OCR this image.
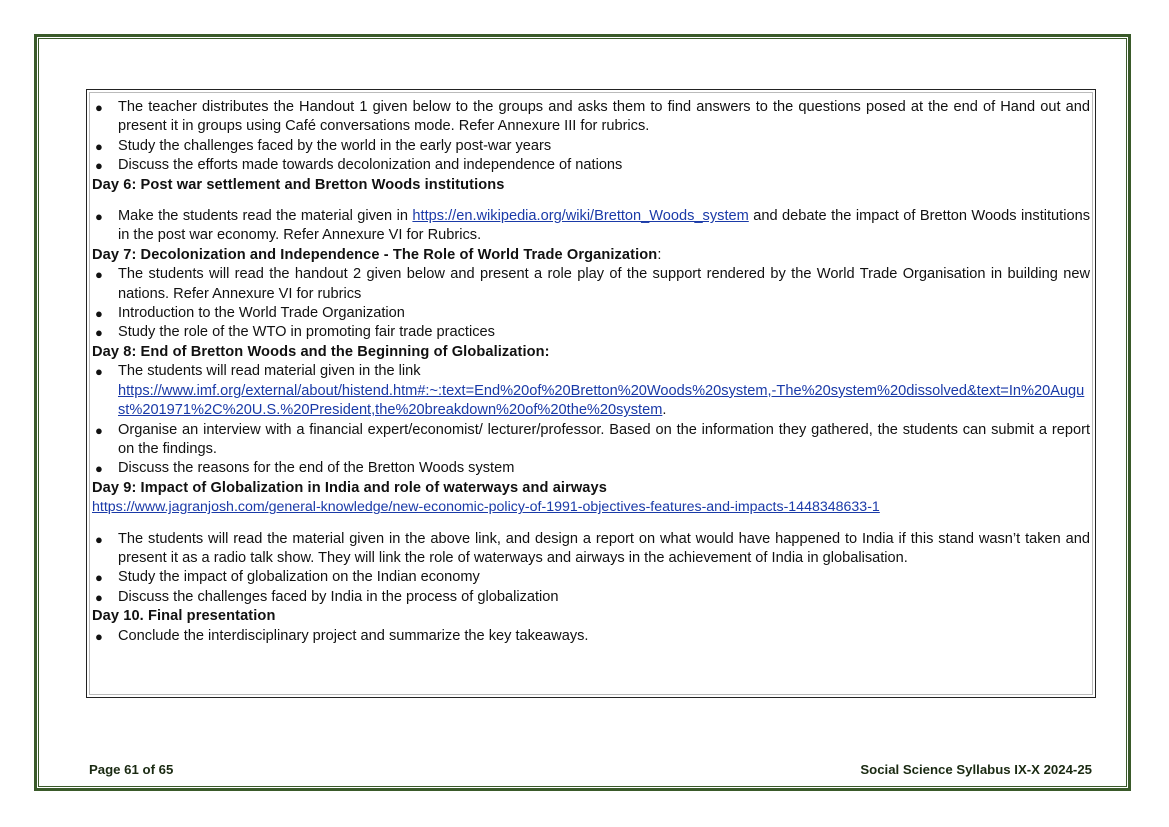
● The teacher distributes the Handout 1 given below to the groups and asks them to find answers to the questions posed at the end of Hand out and present it in groups using Café conversations mode. Refer Annexure III for rubrics.
● Study the challenges faced by the world in the early post-war years
● Discuss the efforts made towards decolonization and independence of nations
Day 6: Post war settlement and Bretton Woods institutions
● Make the students read the material given in https://en.wikipedia.org/wiki/Bretton_Woods_system and debate the impact of Bretton Woods institutions in the post war economy. Refer Annexure VI for Rubrics.
Day 7: Decolonization and Independence - The Role of World Trade Organization:
● The students will read the handout 2 given below and present a role play of the support rendered by the World Trade Organisation in building new nations. Refer Annexure VI for rubrics
● Introduction to the World Trade Organization
● Study the role of the WTO in promoting fair trade practices
Day 8: End of Bretton Woods and the Beginning of Globalization:
● The students will read material given in the link
https://www.imf.org/external/about/histend.htm#:~:text=End%20of%20Bretton%20Woods%20system,-The%20system%20dissolved&text=In%20August%201971%2C%20U.S.%20President,the%20breakdown%20of%20the%20system.
● Organise an interview with a financial expert/economist/ lecturer/professor. Based on the information they gathered, the students can submit a report on the findings.
● Discuss the reasons for the end of the Bretton Woods system
Day 9: Impact of Globalization in India and role of waterways and airways
https://www.jagranjosh.com/general-knowledge/new-economic-policy-of-1991-objectives-features-and-impacts-1448348633-1
● The students will read the material given in the above link, and design a report on what would have happened to India if this stand wasn’t taken and present it as a radio talk show. They will link the role of waterways and airways in the achievement of India in globalisation.
● Study the impact of globalization on the Indian economy
● Discuss the challenges faced by India in the process of globalization
Day 10. Final presentation
● Conclude the interdisciplinary project and summarize the key takeaways.
Page 61 of 65	Social Science Syllabus IX-X 2024-25
